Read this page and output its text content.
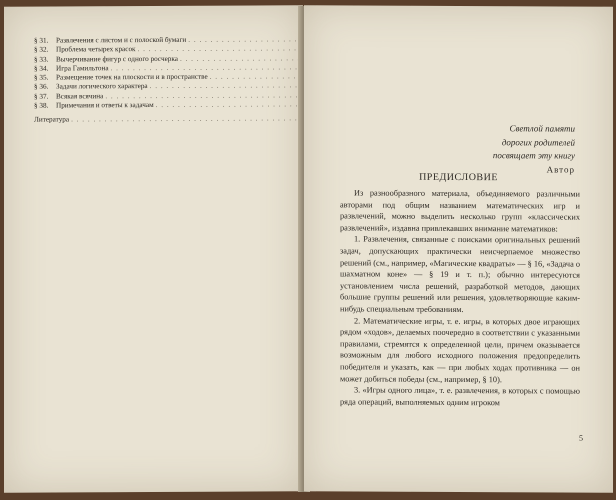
§ 31.	Развлечения с листом и с полоской бумаги
. . .
§ 32.	Проблема четырех красок
. . .
§ 33.	Вычерчивание фигур с одного росчерка
. . .
§ 34.	Игра Гамильтона
. . .
§ 35.	Размещение точек на плоскости и в пространстве
. . .
§ 36.	Задачи логического характера
. . .
§ 37.	Всякая всячина
. . .
§ 38.	Примечания и ответы к задачам
. . .
Литература
. . .
Светлой памяти
дорогих родителей
посвящает эту книгу
Автор
ПРЕДИСЛОВИЕ

Из разнообразного материала, объединяемого различными авторами под общим названием математических игр и развлечений, можно выделить несколько групп «классических развлечений», издавна привлекавших внимание математиков:

1. Развлечения, связанные с поисками оригинальных решений задач, допускающих практически неисчерпаемое множество решений (см., например, «Магические квадраты» — § 16, «Задача о шахматном коне» — § 19 и т. п.); обычно интересуются установлением числа решений, разработкой методов, дающих большие группы решений или решения, удовлетворяющие каким-нибудь специальным требованиям.

2. Математические игры, т. е. игры, в которых двое играющих рядом «ходов», делаемых поочередно в соответствии с указанными правилами, стремятся к определенной цели, причем оказывается возможным для любого исходного положения предопределить победителя и указать, как — при любых ходах противника — он может добиться победы (см., например, § 10).

3. «Игры одного лица», т. е. развлечения, в которых с помощью ряда операций, выполняемых одним игроком

5
